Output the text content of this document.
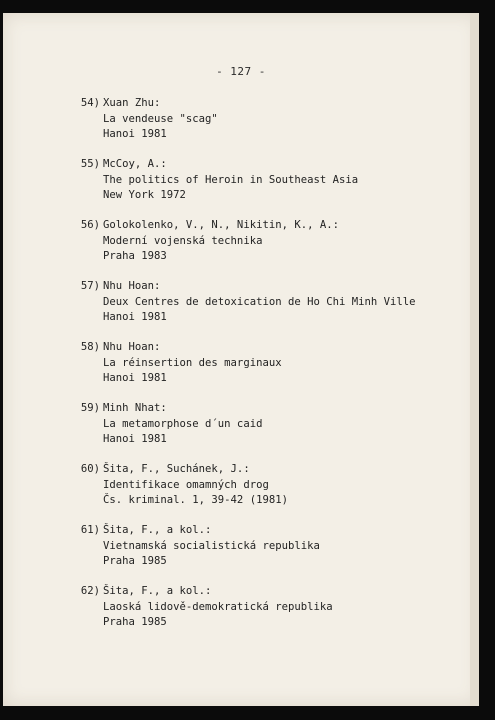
- 127 -
54) Xuan Zhu:
La vendeuse "scag"
Hanoi 1981
55) McCoy, A.:
The politics of Heroin in Southeast Asia
New York 1972
56) Golokolenko, V., N., Nikitin, K., A.:
Moderní vojenská technika
Praha 1983
57) Nhu Hoan:
Deux Centres de detoxication de Ho Chi Minh Ville
Hanoi 1981
58) Nhu Hoan:
La réinsertion des marginaux
Hanoi 1981
59) Minh Nhat:
La metamorphose d´un caid
Hanoi 1981
60) Šita, F., Suchánek, J.:
Identifikace omamných drog
Čs. kriminal. 1, 39-42 (1981)
61) Šita, F., a kol.:
Vietnamská socialistická republika
Praha 1985
62) Šita, F., a kol.:
Laoská lidově-demokratická republika
Praha 1985
